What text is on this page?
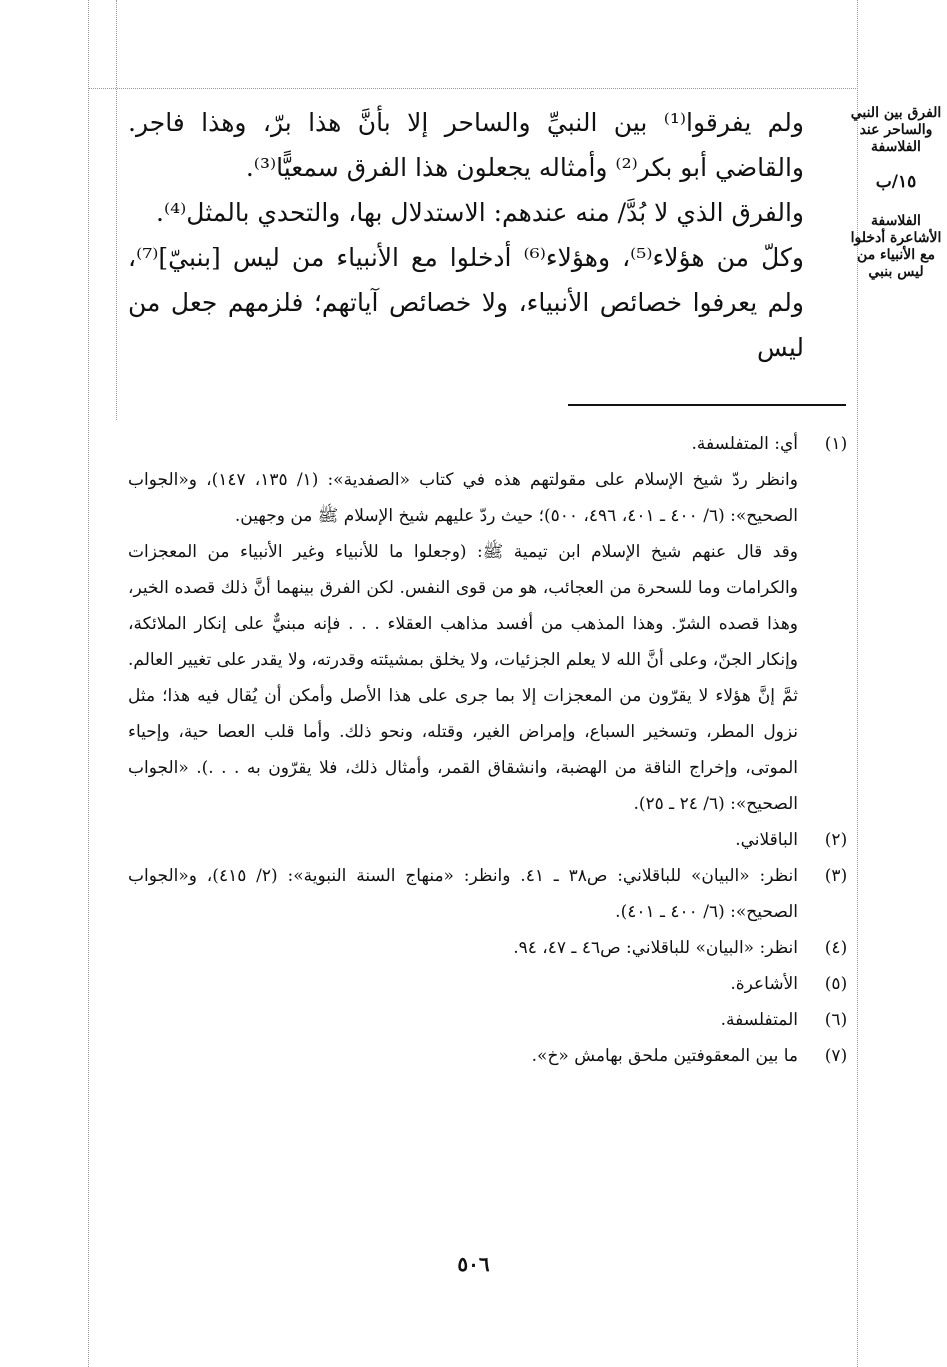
ولم يفرقوا⁽¹⁾ بين النبيِّ والساحر إلا بأنَّ هذا برّ، وهذا فاجر. والقاضي أبو بكر⁽²⁾ وأمثاله يجعلون هذا الفرق سمعيًّا⁽³⁾.

والفرق الذي لا بُدَّ/ منه عندهم: الاستدلال بها، والتحدي بالمثل⁽⁴⁾.

وكلّ من هؤلاء⁽⁵⁾، وهؤلاء⁽⁶⁾ أدخلوا مع الأنبياء من ليس [بنبيّ]⁽⁷⁾، ولم يعرفوا خصائص الأنبياء، ولا خصائص آياتهم؛ فلزمهم جعل من ليس

الفرق بين النبي والساحر عند الفلاسفة
١٥/ب
الفلاسفة الأشاعرة أدخلوا مع الأنبياء من ليس بنبي
(١)

أي: المتفلسفة.

وانظر ردّ شيخ الإسلام على مقولتهم هذه في كتاب «الصفدية»: (١/ ١٣٥، ١٤٧)، و«الجواب الصحيح»: (٦/ ٤٠٠ ـ ٤٠١، ٤٩٦، ٥٠٠)؛ حيث ردّ عليهم شيخ الإسلام ﷺ من وجهين.

وقد قال عنهم شيخ الإسلام ابن تيمية ﷺ: (وجعلوا ما للأنبياء وغير الأنبياء من المعجزات والكرامات وما للسحرة من العجائب، هو من قوى النفس. لكن الفرق بينهما أنَّ ذلك قصده الخير، وهذا قصده الشرّ. وهذا المذهب من أفسد مذاهب العقلاء . . . فإنه مبنيٌّ على إنكار الملائكة، وإنكار الجنّ، وعلى أنَّ الله لا يعلم الجزئيات، ولا يخلق بمشيئته وقدرته، ولا يقدر على تغيير العالم. ثمَّ إنَّ هؤلاء لا يقرّون من المعجزات إلا بما جرى على هذا الأصل وأمكن أن يُقال فيه هذا؛ مثل نزول المطر، وتسخير السباع، وإمراض الغير، وقتله، ونحو ذلك. وأما قلب العصا حية، وإحياء الموتى، وإخراج الناقة من الهضبة، وانشقاق القمر، وأمثال ذلك، فلا يقرّون به . . .). «الجواب الصحيح»: (٦/ ٢٤ ـ ٢٥).

(٢)

الباقلاني.

(٣)

انظر: «البيان» للباقلاني: ص٣٨ ـ ٤١. وانظر: «منهاج السنة النبوية»: (٢/ ٤١٥)، و«الجواب الصحيح»: (٦/ ٤٠٠ ـ ٤٠١).

(٤)

انظر: «البيان» للباقلاني: ص٤٦ ـ ٤٧، ٩٤.

(٥)

الأشاعرة.

(٦)

المتفلسفة.

(٧)

ما بين المعقوفتين ملحق بهامش «خ».

٥٠٦
